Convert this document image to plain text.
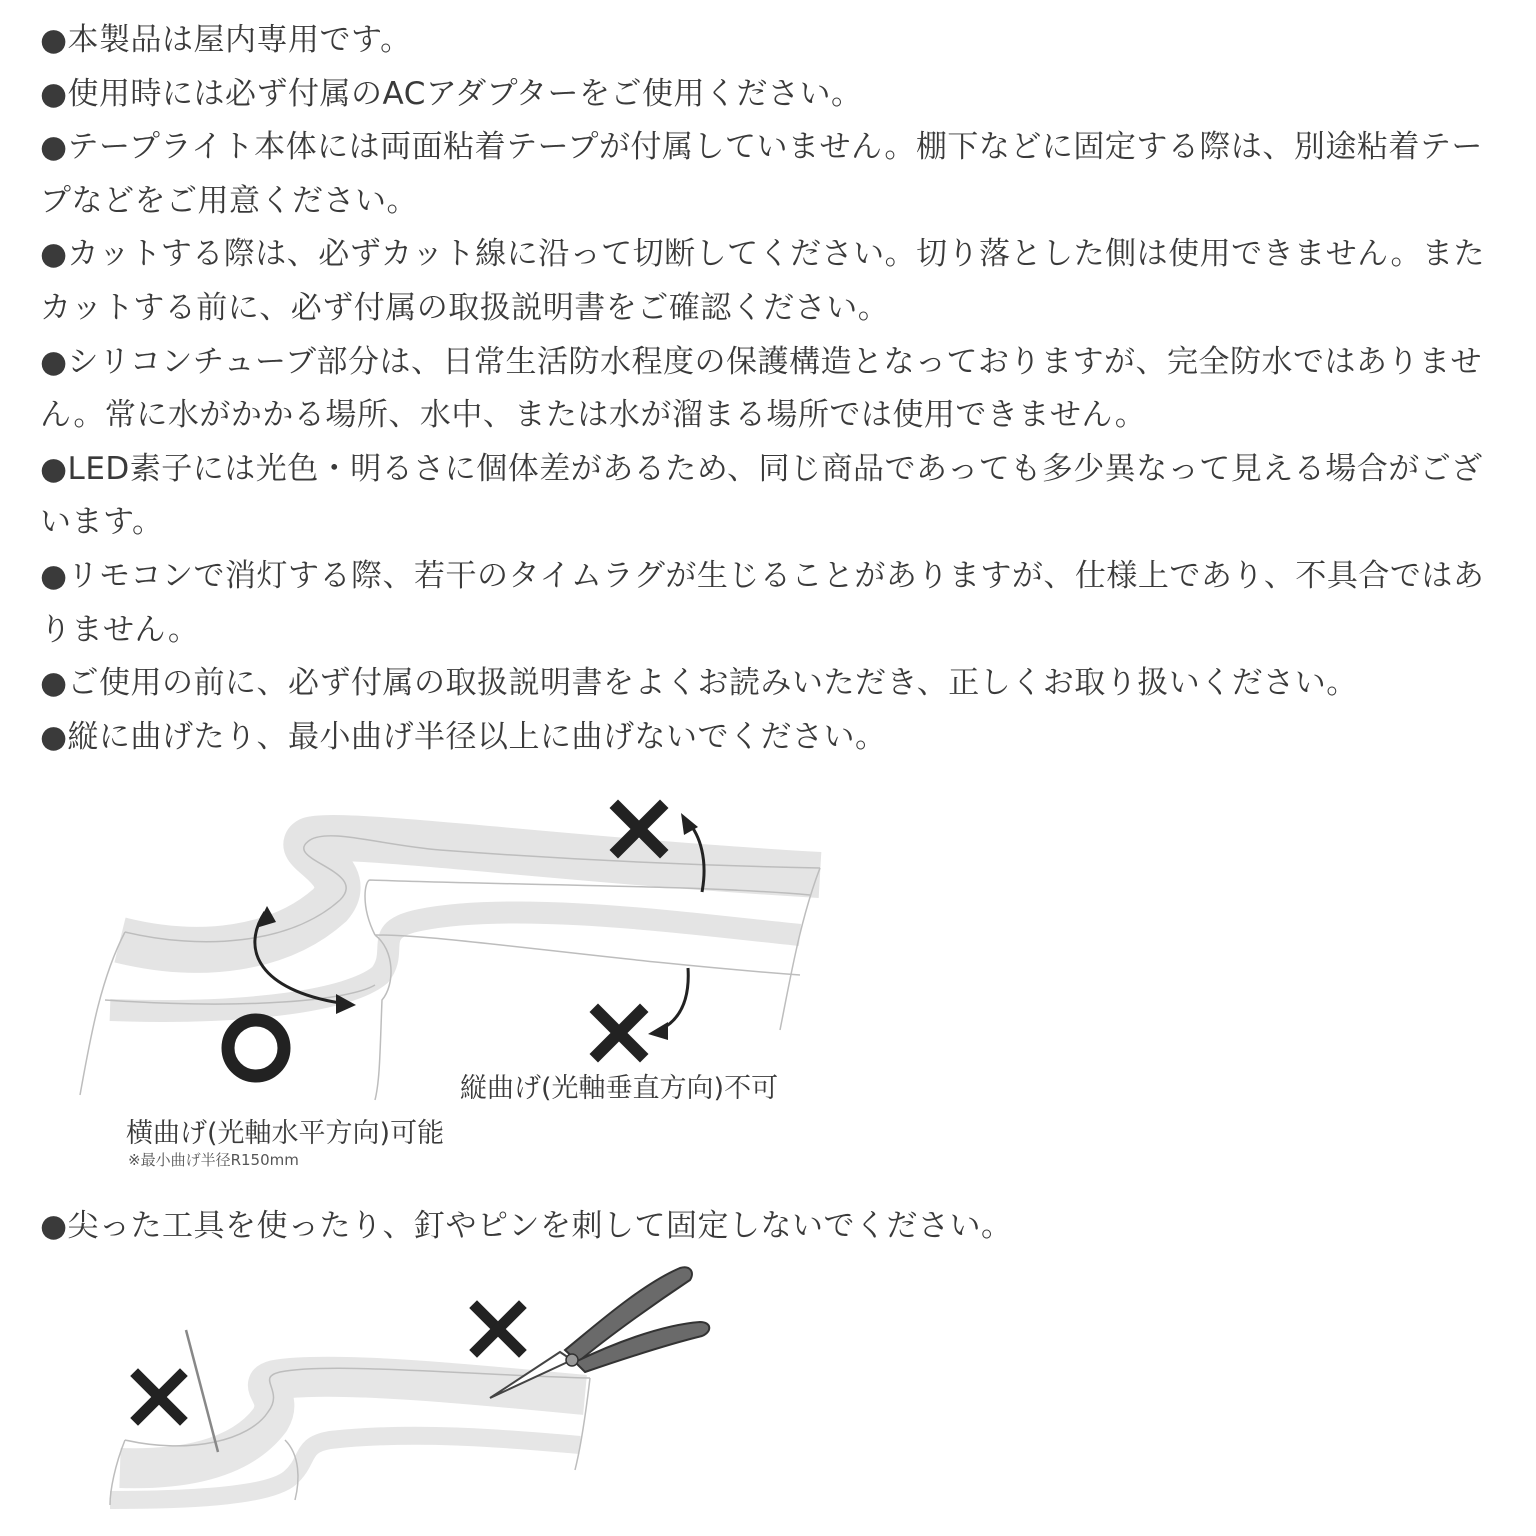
●本製品は屋内専用です。

●使用時には必ず付属のACアダプターをご使用ください。

●テープライト本体には両面粘着テープが付属していません。棚下などに固定する際は、別途粘着テープなどをご用意ください。

●カットする際は、必ずカット線に沿って切断してください。切り落とした側は使用できません。またカットする前に、必ず付属の取扱説明書をご確認ください。

●シリコンチューブ部分は、日常生活防水程度の保護構造となっておりますが、完全防水ではありません。常に水がかかる場所、水中、または水が溜まる場所では使用できません。

●LED素子には光色・明るさに個体差があるため、同じ商品であっても多少異なって見える場合がございます。

●リモコンで消灯する際、若干のタイムラグが生じることがありますが、仕様上であり、不具合ではありません。

●ご使用の前に、必ず付属の取扱説明書をよくお読みいただき、正しくお取り扱いください。

●縦に曲げたり、最小曲げ半径以上に曲げないでください。

横曲げ(光軸水平方向)可能
※最小曲げ半径R150mm
縦曲げ(光軸垂直方向)不可

●尖った工具を使ったり、釘やピンを刺して固定しないでください。
